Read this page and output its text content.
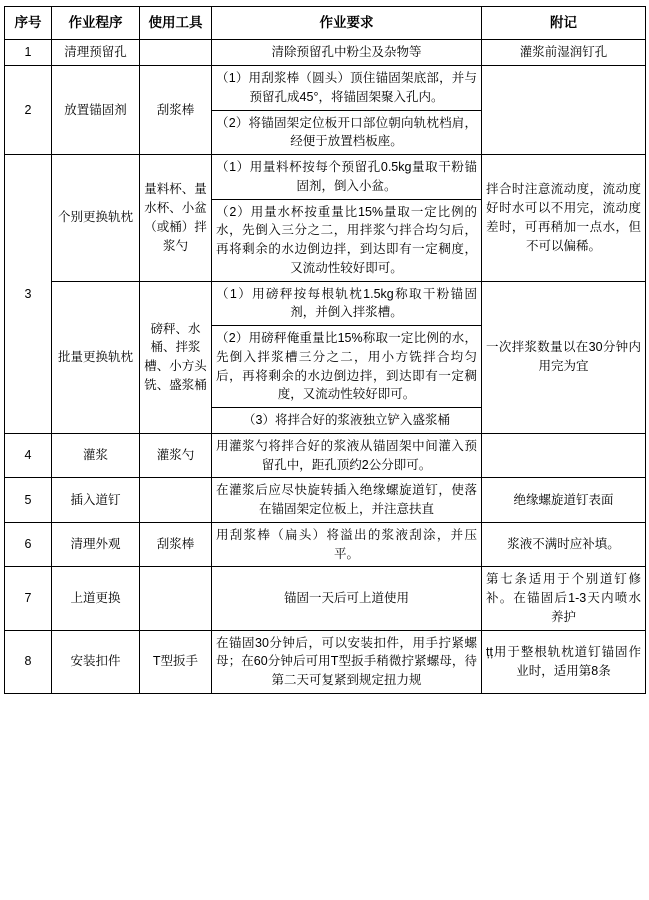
序号	作业程序	使用工具	作业要求	附记
1	清理预留孔		清除预留孔中粉尘及杂物等	灌浆前湿润钉孔
2	放置锚固剂	刮浆棒	（1）用刮浆棒（圆头）顶住锚固架底部，并与预留孔成45°，将锚固架聚入孔内。	
			（2）将锚固架定位板开口部位朝向轨枕档肩，经便于放置档板座。	
3	个别更换轨枕	量料杯、量水杯、小盆（或桶）拌浆勺	（1）用量料杯按每个预留孔0.5kg量取干粉锚固剂，倒入小盆。	拌合时注意流动度，流动度好时水可以不用完，流动度差时，可再稍加一点水，但不可以偏稀。
			（2）用量水杯按重量比15%量取一定比例的水，先倒入三分之二，用拌浆勺拌合均匀后，再将剩余的水边倒边拌，到达即有一定稠度，又流动性较好即可。	
	批量更换轨枕	磅秤、水桶、拌浆槽、小方头铣、盛浆桶	（1）用磅秤按每根轨枕1.5kg称取干粉锚固剂，并倒入拌浆槽。	一次拌浆数量以在30分钟内用完为宜
			（2）用磅秤俺重量比15%称取一定比例的水，先倒入拌浆槽三分之二，用小方铣拌合均匀后，再将剩余的水边倒边拌，到达即有一定稠度，又流动性较好即可。	
			（3）将拌合好的浆液独立铲入盛浆桶	
4	灌浆	灌浆勺	用灌浆勺将拌合好的浆液从锚固架中间灌入预留孔中，距孔顶约2公分即可。	
5	插入道钉		在灌浆后应尽快旋转插入绝缘螺旋道钉，使落在锚固架定位板上，并注意扶直	绝缘螺旋道钉表面
6	清理外观	刮浆棒	用刮浆棒（扁头）将溢出的浆液刮涂，并压平。	浆液不满时应补填。
7	上道更换		锚固一天后可上道使用	第七条适用于个别道钉修补。在锚固后1-3天内喷水养护
8	安装扣件	T型扳手	在锚固30分钟后，可以安装扣件，用手拧紧螺母；在60分钟后可用T型扳手稍微拧紧螺母，待第二天可复紧到规定扭力规	țț用于整根轨枕道钉锚固作业时，适用第8条
